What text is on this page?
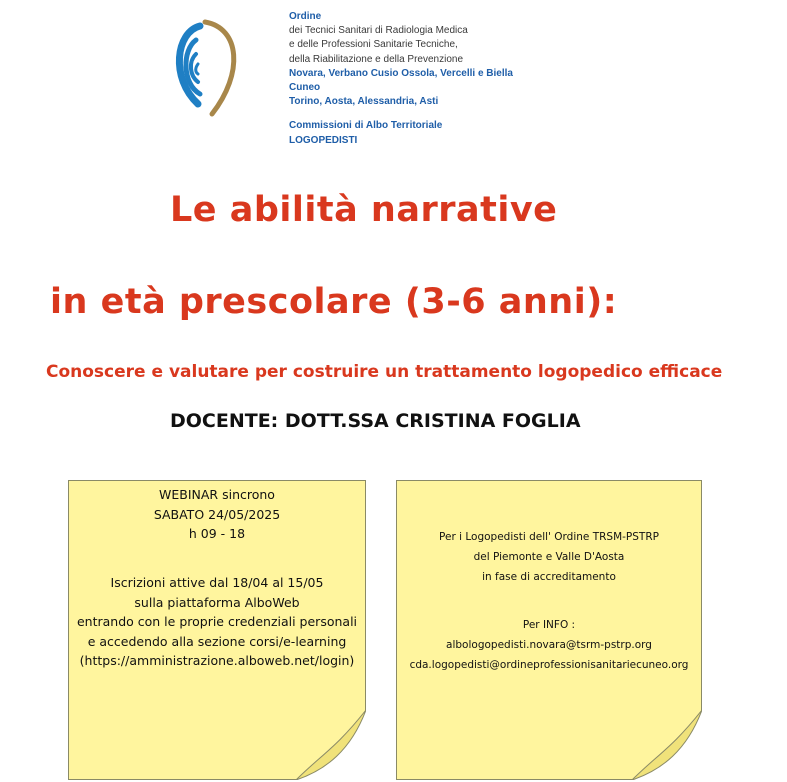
Ordine
dei Tecnici Sanitari di Radiologia Medica
e delle Professioni Sanitarie Tecniche,
della Riabilitazione e della Prevenzione
Novara, Verbano Cusio Ossola, Vercelli e Biella
Cuneo
Torino, Aosta, Alessandria, Asti
Commissioni di Albo Territoriale
LOGOPEDISTI
Le abilità narrative
in età prescolare (3-6 anni):
Conoscere e valutare per costruire un trattamento logopedico efficace
DOCENTE: DOTT.SSA CRISTINA FOGLIA
WEBINAR sincrono
SABATO 24/05/2025
h 09 - 18
Iscrizioni attive dal 18/04 al 15/05
sulla piattaforma AlboWeb
entrando con le proprie credenziali personali
e accedendo alla sezione corsi/e-learning
(https://amministrazione.alboweb.net/login)
Per i Logopedisti dell' Ordine TRSM-PSTRP
del Piemonte e Valle D'Aosta
in fase di accreditamento
Per INFO :
albologopedisti.novara@tsrm-pstrp.org
cda.logopedisti@ordineprofessionisanitariecuneo.org
